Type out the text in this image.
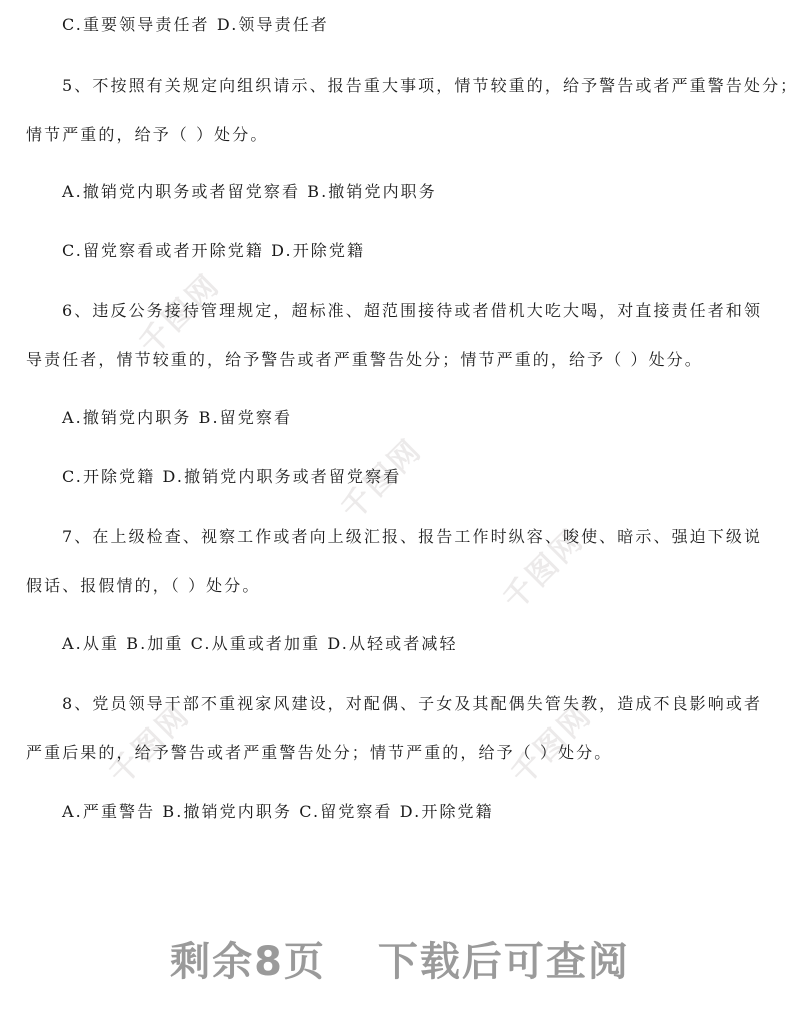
千图网
千图网
千图网
千图网	千图网
C.重要领导责任者 D.领导责任者
5、不按照有关规定向组织请示、报告重大事项，情节较重的，给予警告或者严重警告处分；
情节严重的，给予（ ）处分。
A.撤销党内职务或者留党察看 B.撤销党内职务
C.留党察看或者开除党籍 D.开除党籍
6、违反公务接待管理规定，超标准、超范围接待或者借机大吃大喝，对直接责任者和领
导责任者，情节较重的，给予警告或者严重警告处分；情节严重的，给予（ ）处分。
A.撤销党内职务 B.留党察看
C.开除党籍 D.撤销党内职务或者留党察看
7、在上级检查、视察工作或者向上级汇报、报告工作时纵容、唆使、暗示、强迫下级说
假话、报假情的，（ ）处分。
A.从重 B.加重 C.从重或者加重 D.从轻或者减轻
8、党员领导干部不重视家风建设，对配偶、子女及其配偶失管失教，造成不良影响或者
严重后果的，给予警告或者严重警告处分；情节严重的，给予（ ）处分。
A.严重警告 B.撤销党内职务 C.留党察看 D.开除党籍
剩余8页 下载后可查阅
